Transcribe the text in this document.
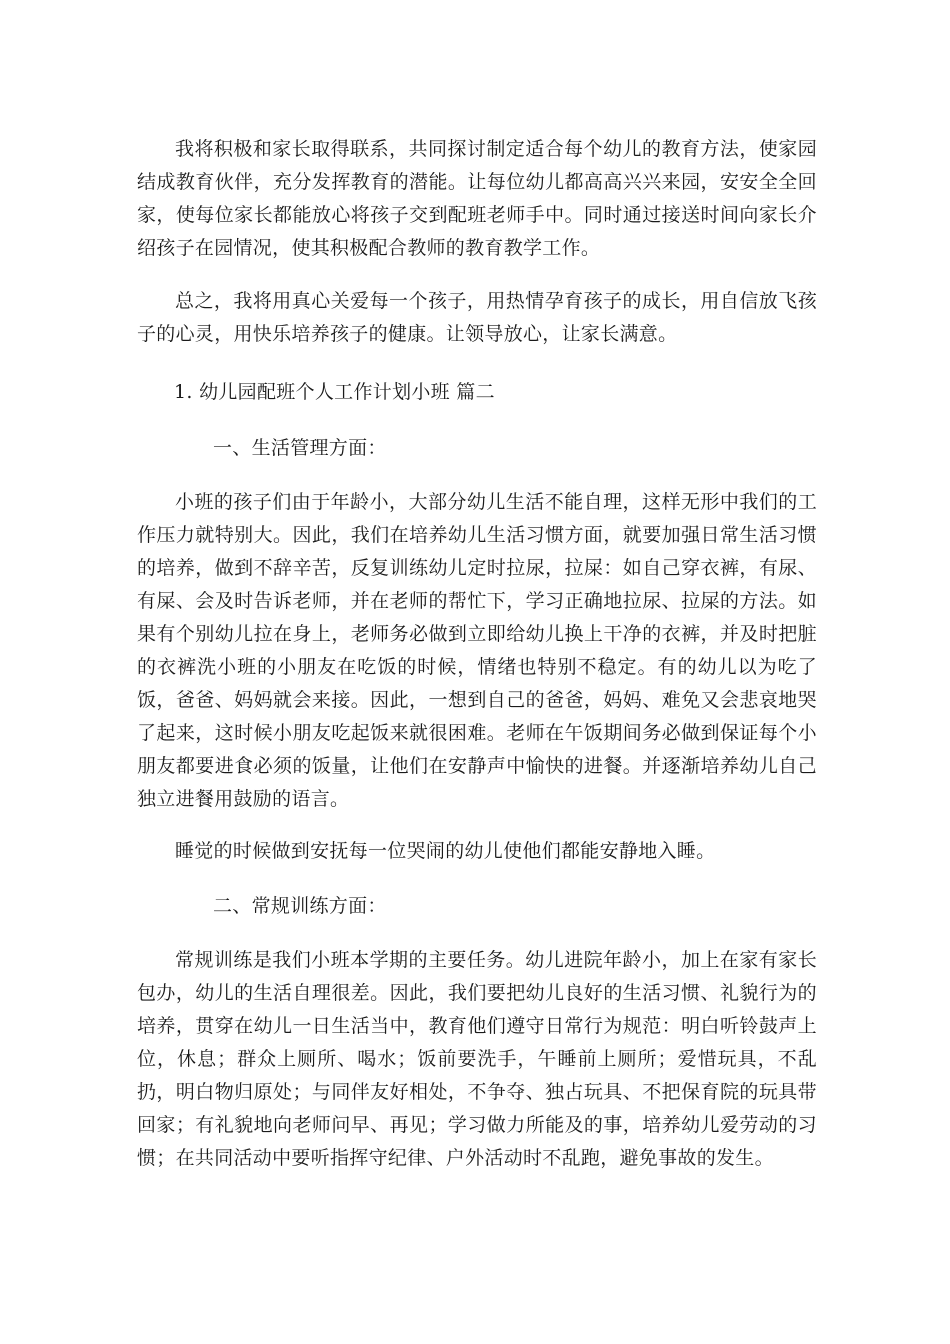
我将积极和家长取得联系，共同探讨制定适合每个幼儿的教育方法，使家园结成教育伙伴，充分发挥教育的潜能。让每位幼儿都高高兴兴来园，安安全全回家，使每位家长都能放心将孩子交到配班老师手中。同时通过接送时间向家长介绍孩子在园情况，使其积极配合教师的教育教学工作。

总之，我将用真心关爱每一个孩子，用热情孕育孩子的成长，用自信放飞孩子的心灵，用快乐培养孩子的健康。让领导放心，让家长满意。

1. 幼儿园配班个人工作计划小班 篇二

一、生活管理方面：

小班的孩子们由于年龄小，大部分幼儿生活不能自理，这样无形中我们的工作压力就特别大。因此，我们在培养幼儿生活习惯方面，就要加强日常生活习惯的培养，做到不辞辛苦，反复训练幼儿定时拉尿，拉屎：如自己穿衣裤，有尿、有屎、会及时告诉老师，并在老师的帮忙下，学习正确地拉尿、拉屎的方法。如果有个别幼儿拉在身上，老师务必做到立即给幼儿换上干净的衣裤，并及时把脏的衣裤洗小班的小朋友在吃饭的时候，情绪也特别不稳定。有的幼儿以为吃了饭，爸爸、妈妈就会来接。因此，一想到自己的爸爸，妈妈、难免又会悲哀地哭了起来，这时候小朋友吃起饭来就很困难。老师在午饭期间务必做到保证每个小朋友都要进食必须的饭量，让他们在安静声中愉快的进餐。并逐渐培养幼儿自己独立进餐用鼓励的语言。

睡觉的时候做到安抚每一位哭闹的幼儿使他们都能安静地入睡。

二、常规训练方面：

常规训练是我们小班本学期的主要任务。幼儿进院年龄小，加上在家有家长包办，幼儿的生活自理很差。因此，我们要把幼儿良好的生活习惯、礼貌行为的培养，贯穿在幼儿一日生活当中，教育他们遵守日常行为规范：明白听铃鼓声上位，休息；群众上厕所、喝水；饭前要洗手，午睡前上厕所；爱惜玩具，不乱扔，明白物归原处；与同伴友好相处，不争夺、独占玩具、不把保育院的玩具带回家；有礼貌地向老师问早、再见；学习做力所能及的事，培养幼儿爱劳动的习惯；在共同活动中要听指挥守纪律、户外活动时不乱跑，避免事故的发生。
